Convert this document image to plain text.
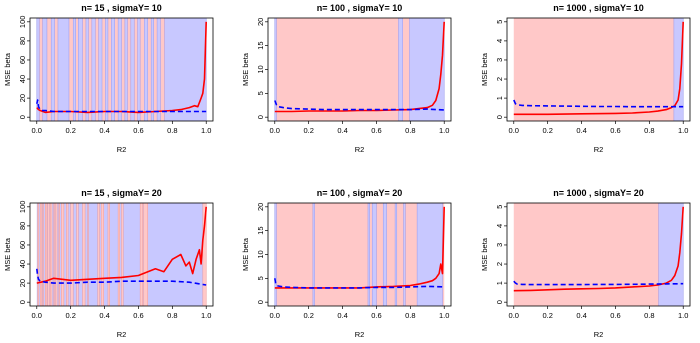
0.0	0.2	0.4	0.6	0.8	1.0
0
20
40
60
80
100
n= 15 , sigmaY= 10
R2
MSE beta
0.0	0.2	0.4	0.6	0.8	1.0
0
5
10
15
20
n= 100 , sigmaY= 10
R2
MSE beta
0.0	0.2	0.4	0.6	0.8	1.0
0
1
2
3
4
5
n= 1000 , sigmaY= 10
R2
MSE beta
0.0	0.2	0.4	0.6	0.8	1.0
0
20
40
60
80
100
n= 15 , sigmaY= 20
R2
MSE beta
0.0	0.2	0.4	0.6	0.8	1.0
0
5
10
15
20
n= 100 , sigmaY= 20
R2
MSE beta
0.0	0.2	0.4	0.6	0.8	1.0
0
1
2
3
4
5
n= 1000 , sigmaY= 20
R2
MSE beta
